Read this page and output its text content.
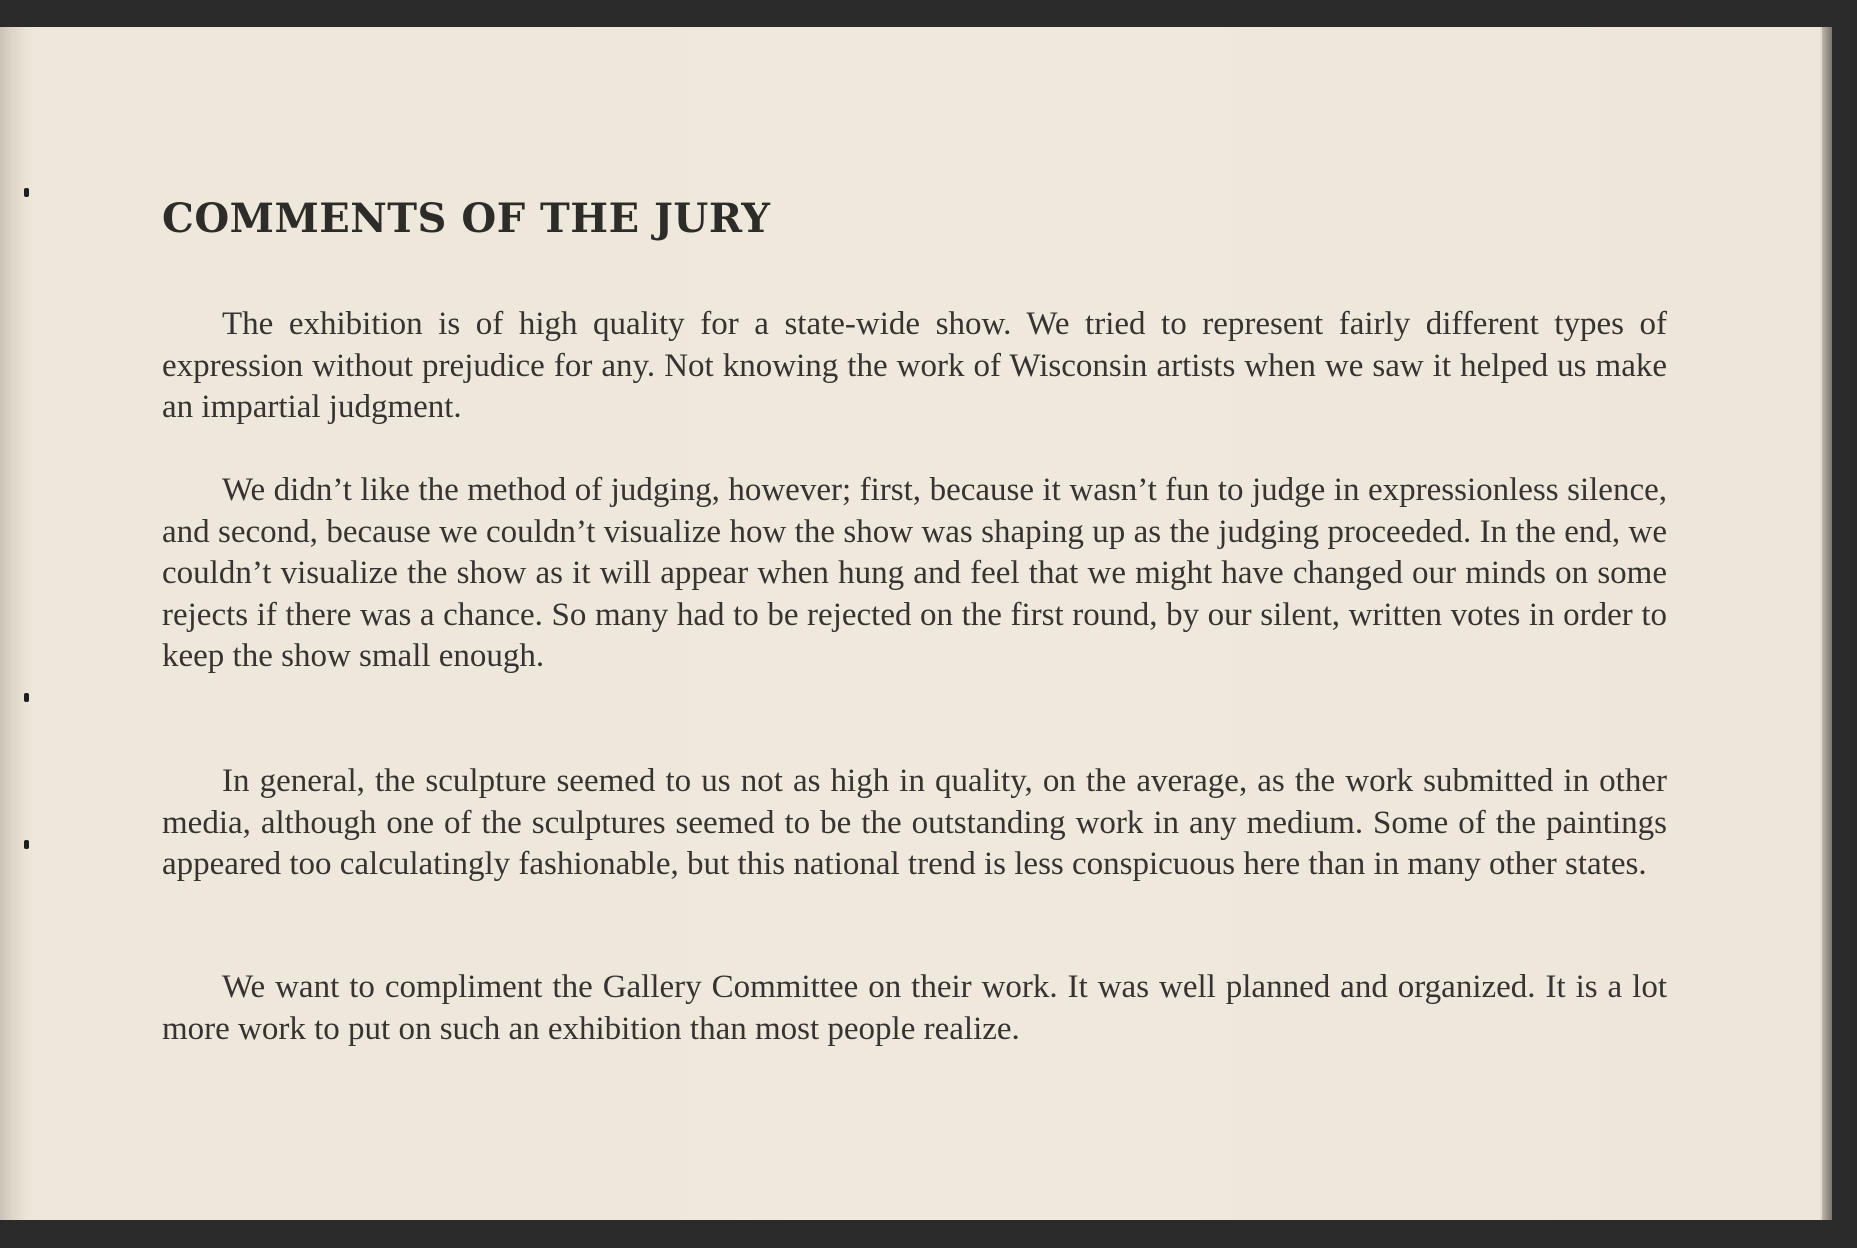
COMMENTS OF THE JURY

The exhibition is of high quality for a state-wide show. We tried to represent fairly different types of expression without prejudice for any. Not knowing the work of Wisconsin artists when we saw it helped us make an impartial judgment.

We didn’t like the method of judging, however; first, because it wasn’t fun to judge in expressionless silence, and second, because we couldn’t visualize how the show was shaping up as the judging proceeded. In the end, we couldn’t visualize the show as it will appear when hung and feel that we might have changed our minds on some rejects if there was a chance. So many had to be rejected on the first round, by our silent, written votes in order to keep the show small enough.

In general, the sculpture seemed to us not as high in quality, on the average, as the work submitted in other media, although one of the sculptures seemed to be the outstanding work in any medium. Some of the paintings appeared too calculatingly fashionable, but this national trend is less conspicuous here than in many other states.

We want to compliment the Gallery Committee on their work. It was well planned and organized. It is a lot more work to put on such an exhibition than most people realize.
